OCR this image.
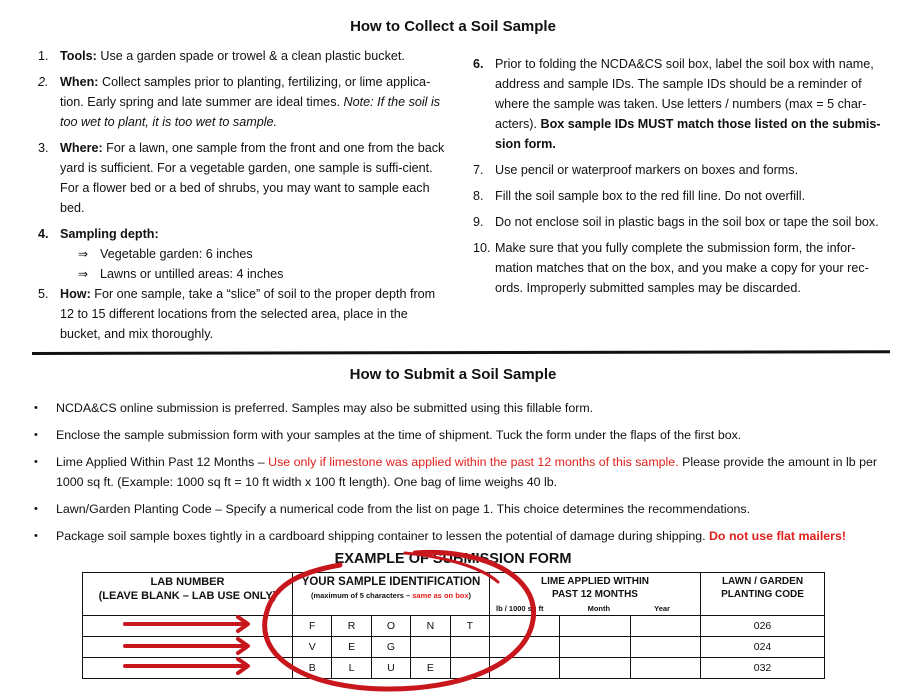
How to Collect a Soil Sample
1. Tools: Use a garden spade or trowel & a clean plastic bucket.
2. When: Collect samples prior to planting, fertilizing, or lime applica-tion. Early spring and late summer are ideal times. Note: If the soil is too wet to plant, it is too wet to sample.
3. Where: For a lawn, one sample from the front and one from the back yard is sufficient. For a vegetable garden, one sample is suffi-cient. For a flower bed or a bed of shrubs, you may want to sample each bed.
4. Sampling depth:
⇒ Vegetable garden: 6 inches
⇒ Lawns or untilled areas: 4 inches
5. How: For one sample, take a “slice” of soil to the proper depth from 12 to 15 different locations from the selected area, place in the bucket, and mix thoroughly.
6. Prior to folding the NCDA&CS soil box, label the soil box with name, address and sample IDs. The sample IDs should be a reminder of where the sample was taken. Use letters / numbers (max = 5 char-acters). Box sample IDs MUST match those listed on the submis-sion form.
7. Use pencil or waterproof markers on boxes and forms.
8. Fill the soil sample box to the red fill line. Do not overfill.
9. Do not enclose soil in plastic bags in the soil box or tape the soil box.
10. Make sure that you fully complete the submission form, the infor-mation matches that on the box, and you make a copy for your rec-ords. Improperly submitted samples may be discarded.
How to Submit a Soil Sample
• NCDA&CS online submission is preferred. Samples may also be submitted using this fillable form.
• Enclose the sample submission form with your samples at the time of shipment. Tuck the form under the flaps of the first box.
• Lime Applied Within Past 12 Months – Use only if limestone was applied within the past 12 months of this sample. Please provide the amount in lb per 1000 sq ft. (Example: 1000 sq ft = 10 ft width x 100 ft length). One bag of lime weighs 40 lb.
• Lawn/Garden Planting Code – Specify a numerical code from the list on page 1. This choice determines the recommendations.
• Package soil sample boxes tightly in a cardboard shipping container to lessen the potential of damage during shipping. Do not use flat mailers!
EXAMPLE OF SUBMISSION FORM
LAB NUMBER
(LEAVE BLANK – LAB USE ONLY)

YOUR SAMPLE IDENTIFICATION
(maximum of 5 characters – same as on box)

LIME APPLIED WITHIN
PAST 12 MONTHS
lb / 1000 sq ft	Month	Year

LAWN / GARDEN
PLANTING CODE

	F	R	O	N	T				026
	V	E	G						024
	B	L	U	E					032
